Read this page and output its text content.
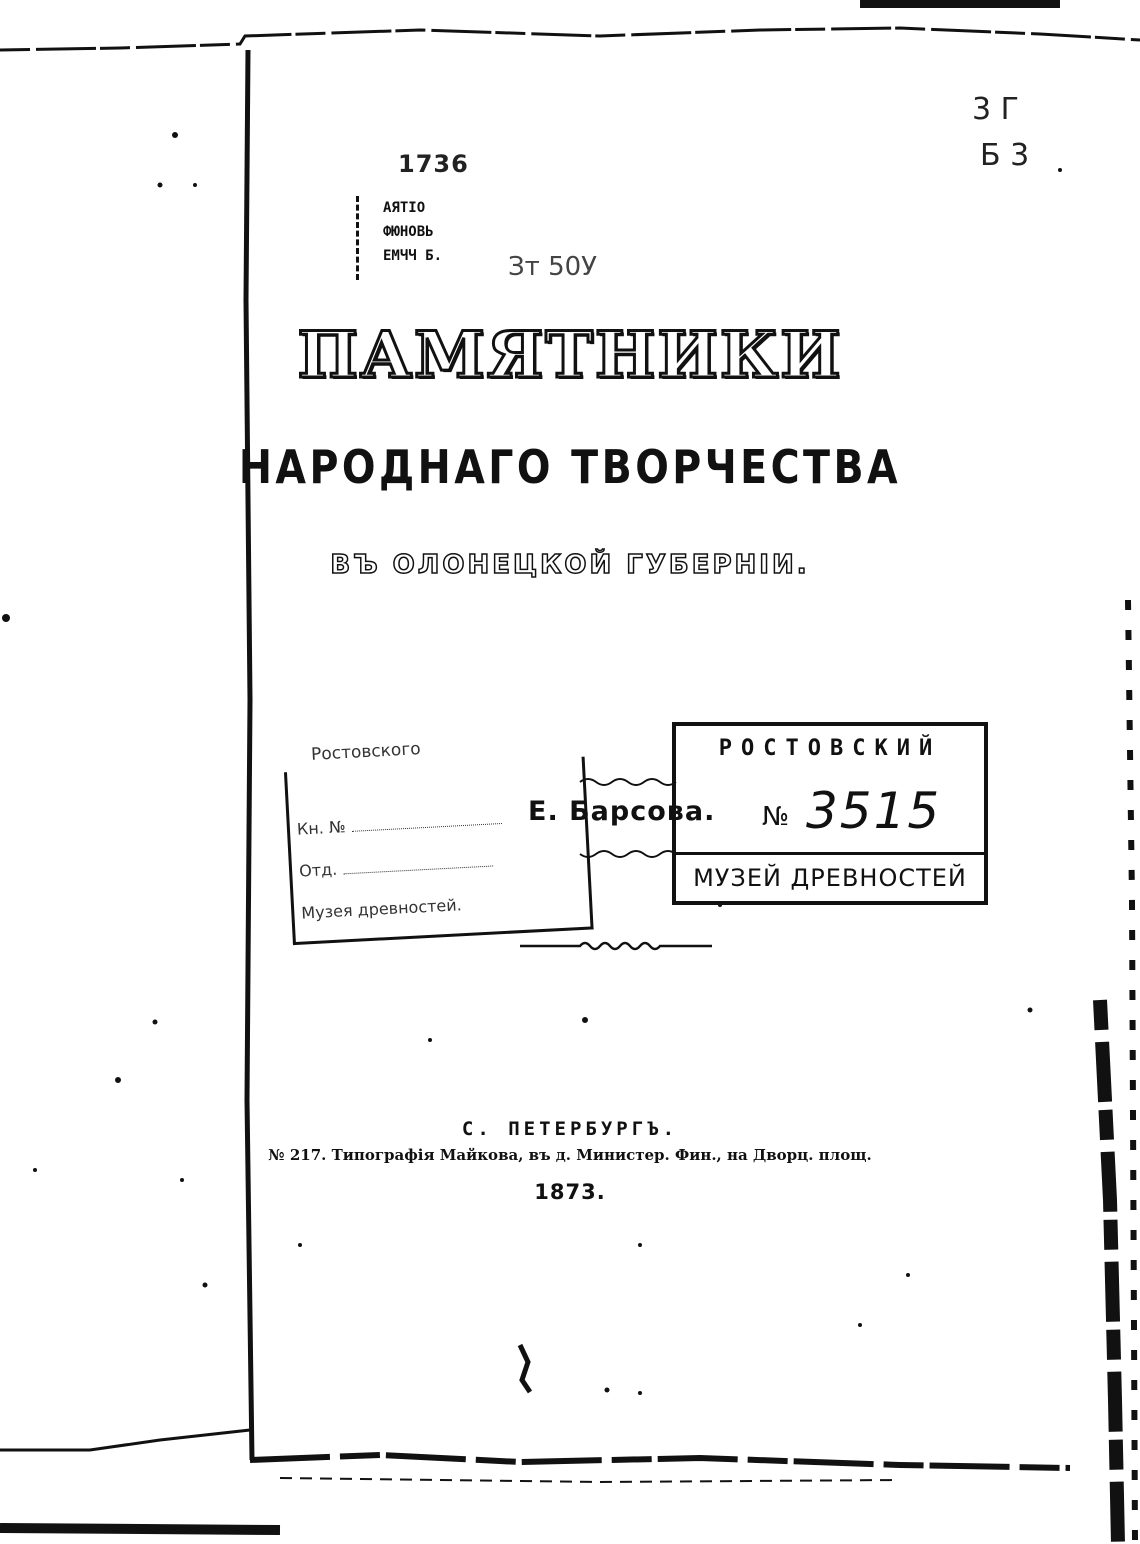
АЯТІО
ФЮНОВЬ
ЕМЧЧ Б.
1736
3 Г
Б 3
Зт 50У
ПАМЯТНИКИ
НАРОДНАГО ТВОРЧЕСТВА
ВЪ ОЛОНЕЦКОЙ ГУБЕРНІИ.
Ростовского
Кн. №
Отд.
Музея древностей.
Е. Барсова.
РОСТОВСКИЙ
№ 3515
МУЗЕЙ ДРЕВНОСТЕЙ
С. ПЕТЕРБУРГЪ.
№ 217. Типографія Майкова, въ д. Министер. Фин., на Дворц. площ.
1873.
